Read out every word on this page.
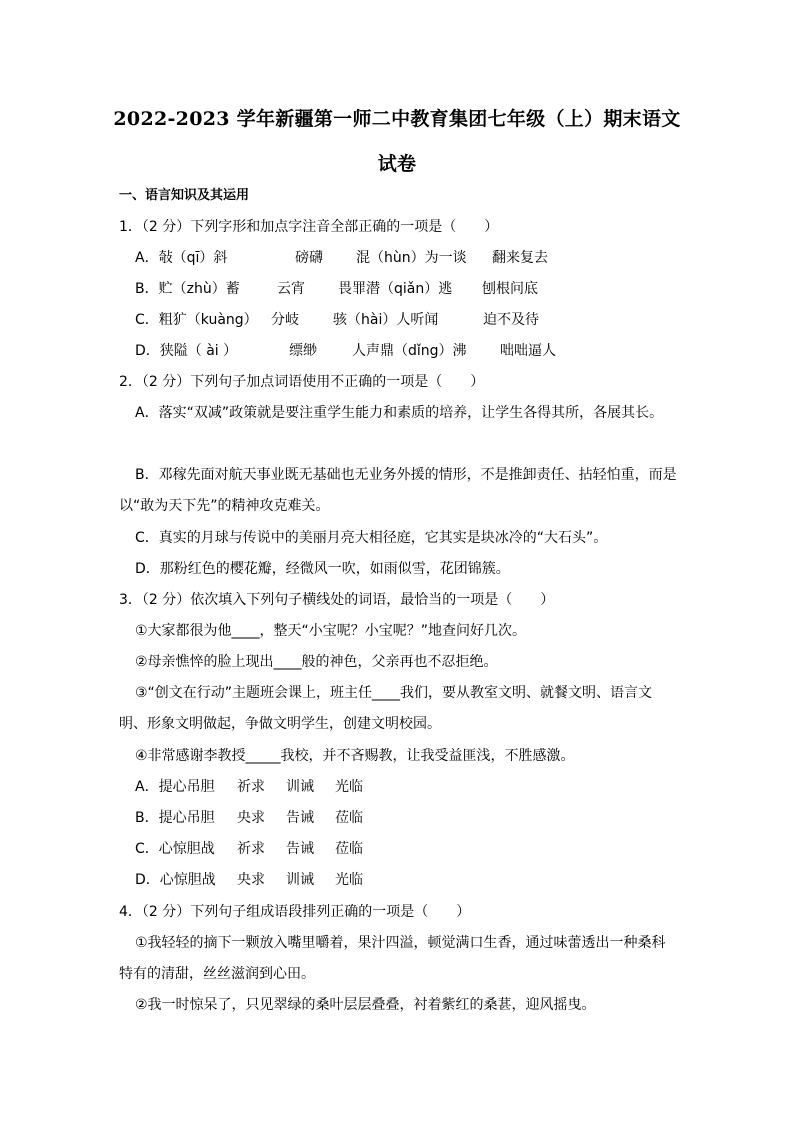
2022-2023 学年新疆第一师二中教育集团七年级（上）期末语文
试卷
一、语言知识及其运用
1．（2 分）下列字形和加点字注音全部正确的一项是（　　）
A．敧（qī）斜	磅礴 混（hùn）为一谈 翻来复去
B．贮（zhù）蓄	云宵 畏罪潜（qiǎn）逃 刨根问底
C．粗犷（kuàng） 分岐 骇（hài）人听闻	迫不及待
D．狭隘（ ài ）	缥缈	人声鼎（dǐng）沸 咄咄逼人
2．（2 分）下列句子加点词语使用不正确的一项是（　　）
A．落实“双减”政策就是要注重学生能力和素质的培养，让学生各得其所，各展其长。
B．邓稼先面对航天事业既无基础也无业务外援的情形，不是推卸责任、拈轻怕重，而是
以“敢为天下先”的精神攻克难关。
C．真实的月球与传说中的美丽月亮大相径庭，它其实是块冰冷的“大石头”。
D．那粉红色的樱花瓣，经微风一吹，如雨似雪，花团锦簇。
3．（2 分）依次填入下列句子横线处的词语，最恰当的一项是（　　）
①大家都很为他____，整天“小宝呢？小宝呢？”地查问好几次。
②母亲憔悴的脸上现出____般的神色，父亲再也不忍拒绝。
③“创文在行动”主题班会课上，班主任____我们，要从教室文明、就餐文明、语言文
明、形象文明做起，争做文明学生，创建文明校园。
④非常感谢李教授_____我校，并不吝赐教，让我受益匪浅，不胜感激。
A．提心吊胆 祈求 训诫 光临
B．提心吊胆 央求 告诫 莅临
C．心惊胆战 祈求 告诫 莅临
D．心惊胆战 央求 训诫 光临
4．（2 分）下列句子组成语段排列正确的一项是（　　）
①我轻轻的摘下一颗放入嘴里嚼着，果汁四溢，顿觉满口生香，通过味蕾透出一种桑科
特有的清甜，丝丝滋润到心田。
②我一时惊呆了，只见翠绿的桑叶层层叠叠，衬着紫红的桑葚，迎风摇曳。
